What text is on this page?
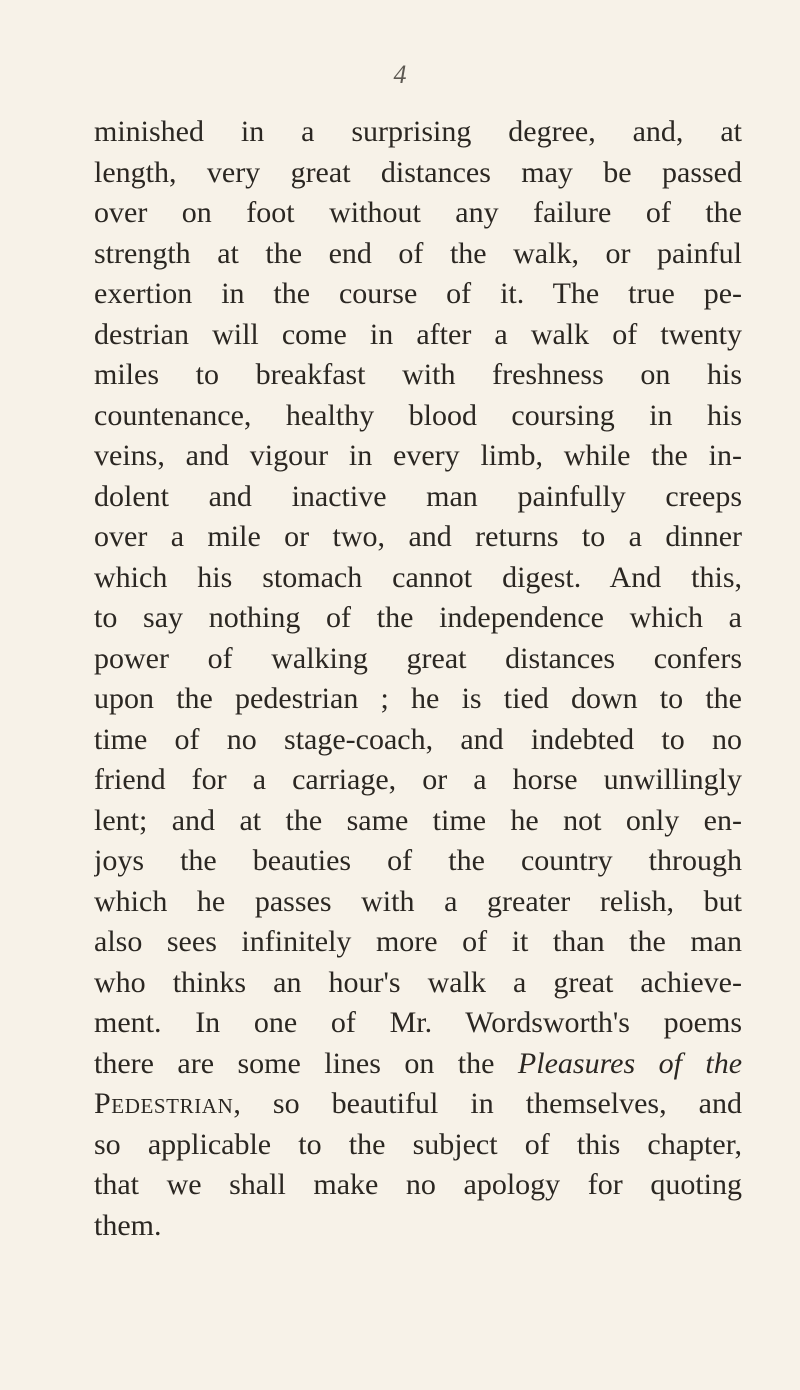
4
minished in a surprising degree, and, at
length, very great distances may be passed
over on foot without any failure of the
strength at the end of the walk, or painful
exertion in the course of it. The true pe-
destrian will come in after a walk of twenty
miles to breakfast with freshness on his
countenance, healthy blood coursing in his
veins, and vigour in every limb, while the in-
dolent and inactive man painfully creeps
over a mile or two, and returns to a dinner
which his stomach cannot digest. And this,
to say nothing of the independence which a
power of walking great distances confers
upon the pedestrian ; he is tied down to the
time of no stage-coach, and indebted to no
friend for a carriage, or a horse unwillingly
lent; and at the same time he not only en-
joys the beauties of the country through
which he passes with a greater relish, but
also sees infinitely more of it than the man
who thinks an hour's walk a great achieve-
ment. In one of Mr. Wordsworth's poems
there are some lines on the Pleasures of the
Pedestrian, so beautiful in themselves, and
so applicable to the subject of this chapter,
that we shall make no apology for quoting
them.
